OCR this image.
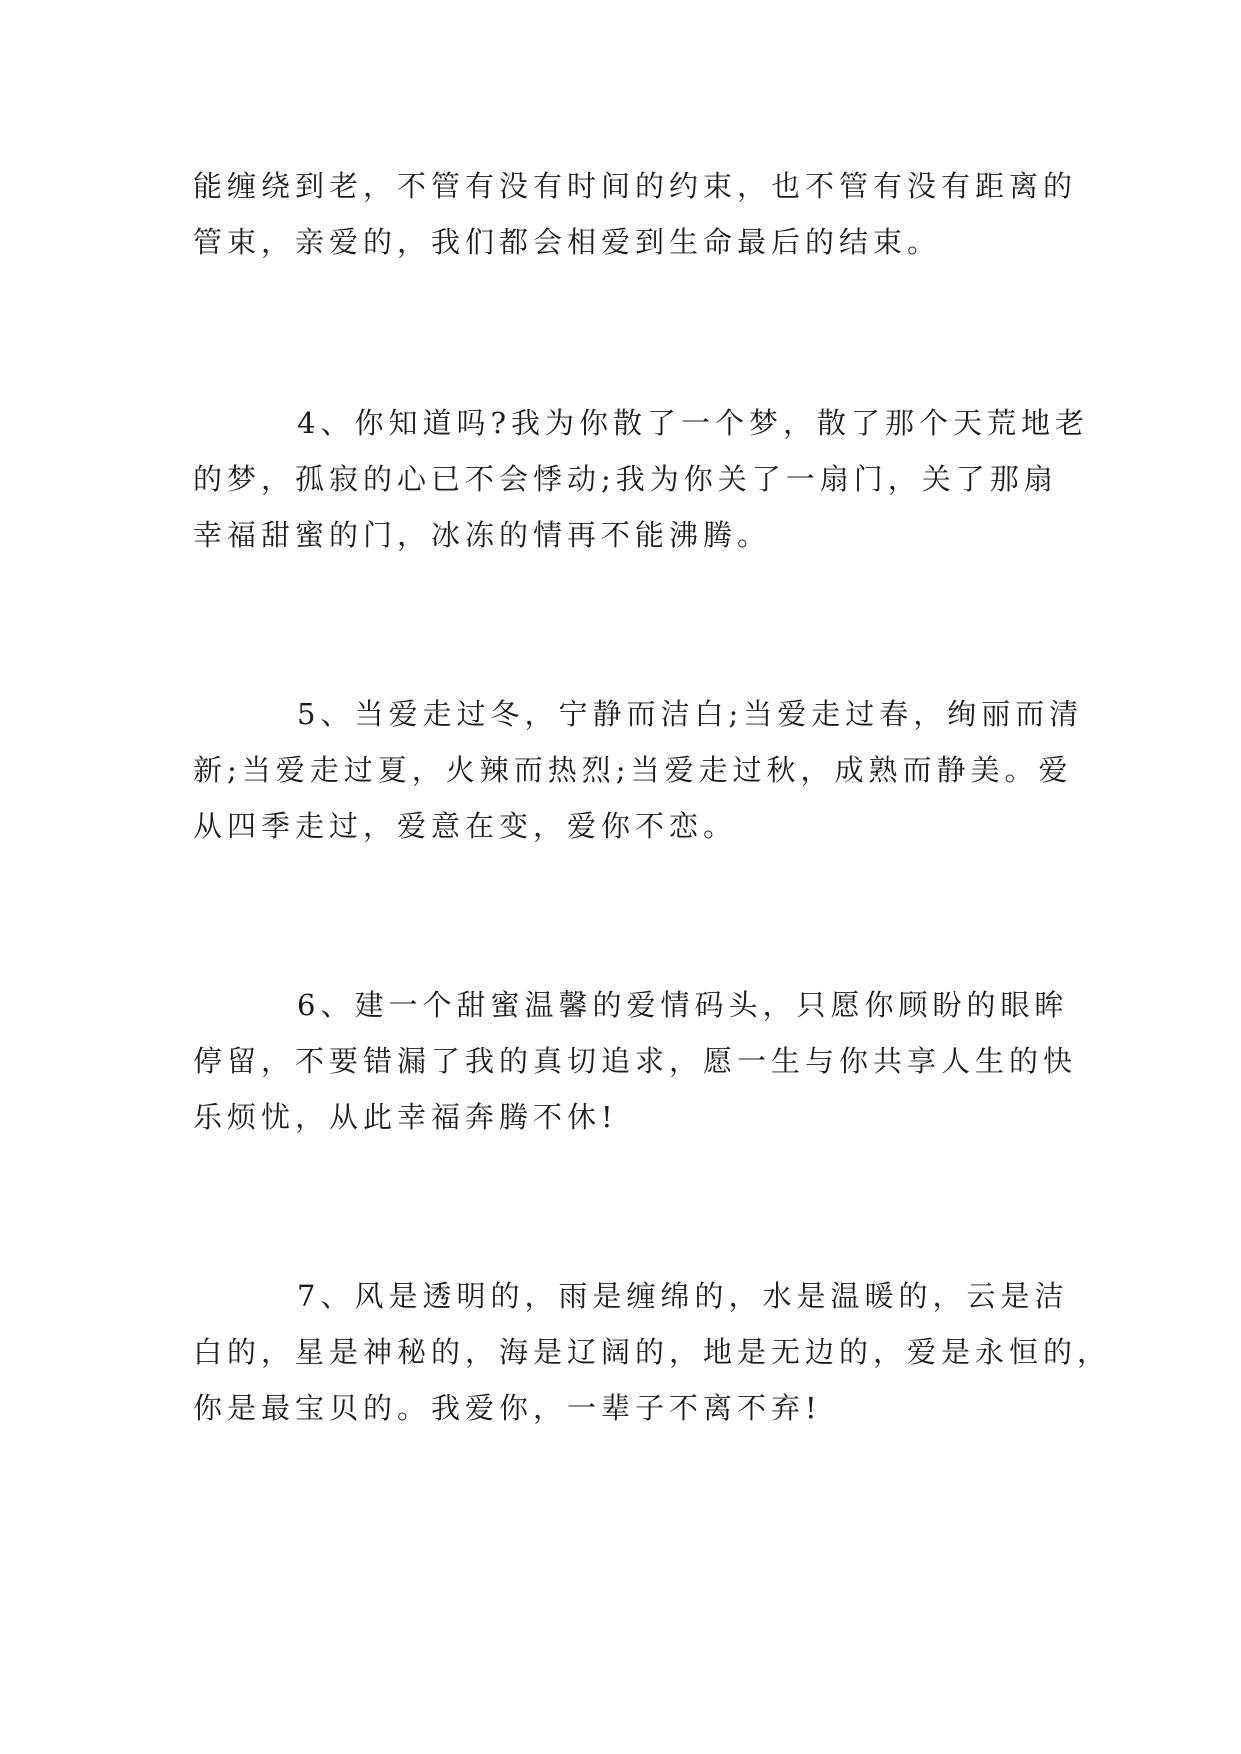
能缠绕到老，不管有没有时间的约束，也不管有没有距离的
管束，亲爱的，我们都会相爱到生命最后的结束。
4、你知道吗?我为你散了一个梦，散了那个天荒地老
的梦，孤寂的心已不会悸动;我为你关了一扇门，关了那扇
幸福甜蜜的门，冰冻的情再不能沸腾。
5、当爱走过冬，宁静而洁白;当爱走过春，绚丽而清
新;当爱走过夏，火辣而热烈;当爱走过秋，成熟而静美。爱
从四季走过，爱意在变，爱你不恋。
6、建一个甜蜜温馨的爱情码头，只愿你顾盼的眼眸
停留，不要错漏了我的真切追求，愿一生与你共享人生的快
乐烦忧，从此幸福奔腾不休!
7、风是透明的，雨是缠绵的，水是温暖的，云是洁
白的，星是神秘的，海是辽阔的，地是无边的，爱是永恒的，
你是最宝贝的。我爱你，一辈子不离不弃!
